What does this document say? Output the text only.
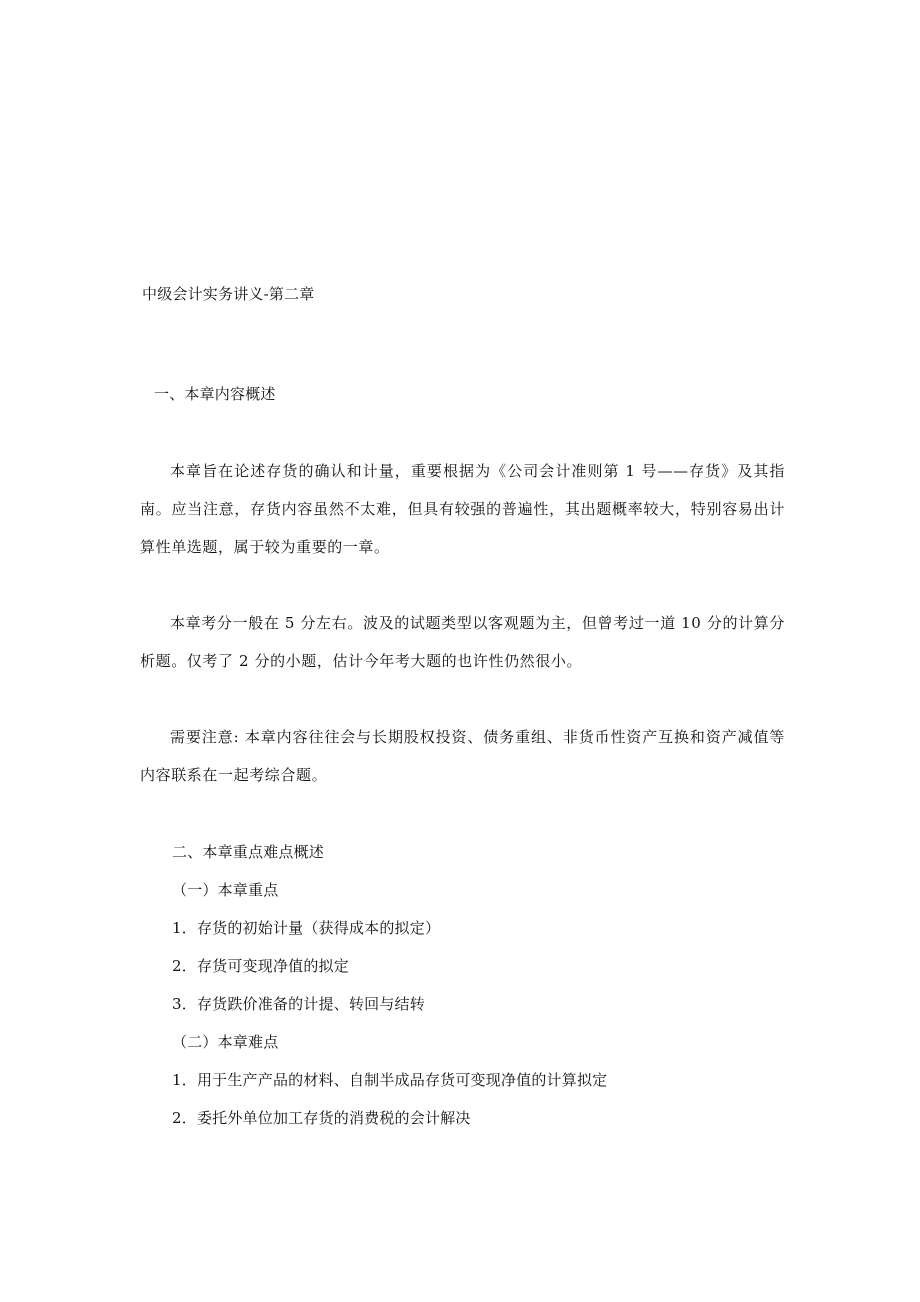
中级会计实务讲义-第二章
一、本章内容概述
本章旨在论述存货的确认和计量，重要根据为《公司会计准则第 1 号——存货》及其指南。应当注意，存货内容虽然不太难，但具有较强的普遍性，其出题概率较大，特别容易出计算性单选题，属于较为重要的一章。
本章考分一般在 5 分左右。波及的试题类型以客观题为主，但曾考过一道 10 分的计算分析题。仅考了 2 分的小题，估计今年考大题的也许性仍然很小。
需要注意: 本章内容往往会与长期股权投资、债务重组、非货币性资产互换和资产减值等内容联系在一起考综合题。
二、本章重点难点概述
（一）本章重点
1．存货的初始计量（获得成本的拟定）
2．存货可变现净值的拟定
3．存货跌价准备的计提、转回与结转
（二）本章难点
1．用于生产产品的材料、自制半成品存货可变现净值的计算拟定
2．委托外单位加工存货的消费税的会计解决
